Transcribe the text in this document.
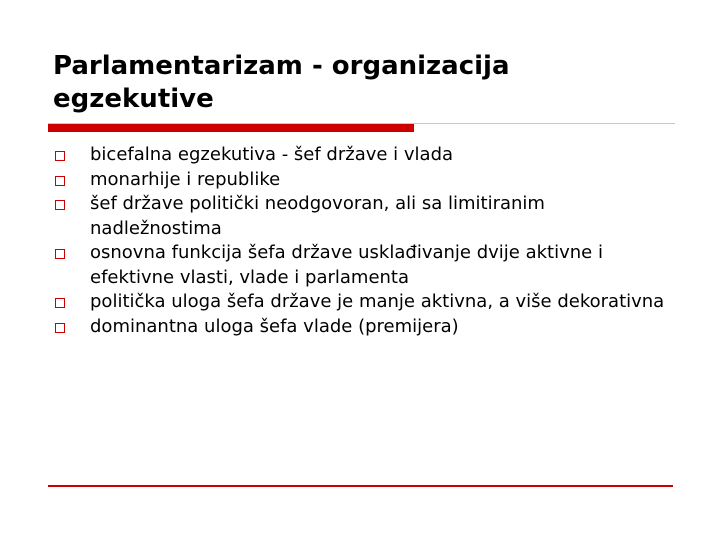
Parlamentarizam - organizacija
egzekutive
bicefalna egzekutiva - šef države i vlada
monarhije i republike
šef države politički neodgovoran, ali sa limitiranim nadležnostima
osnovna funkcija šefa države usklađivanje dvije aktivne i efektivne vlasti, vlade i parlamenta
politička uloga šefa države je manje aktivna, a više dekorativna
dominantna uloga šefa vlade (premijera)
